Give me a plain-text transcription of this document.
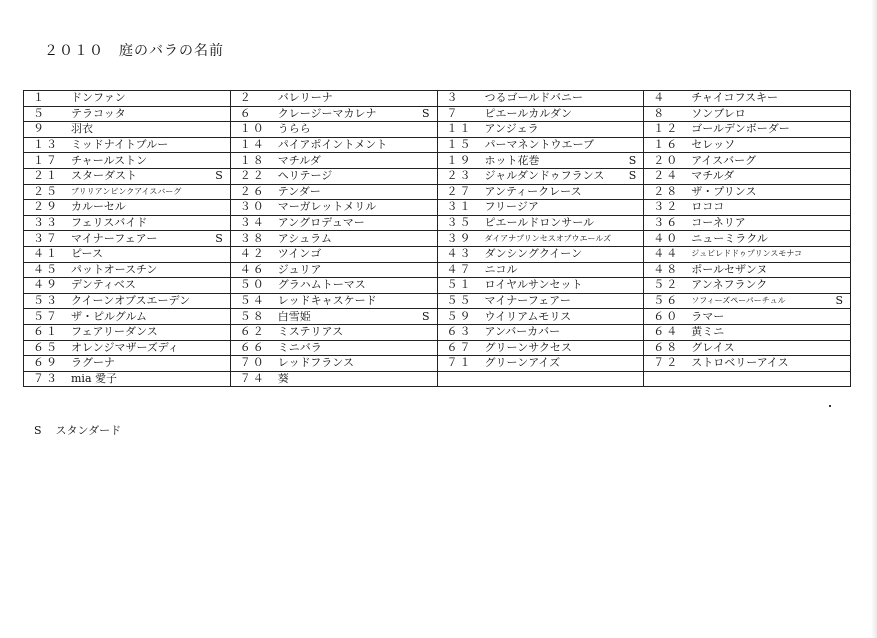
２０１０　庭のバラの名前
１ ドンファン	２ バレリーナ	３ つるゴールドバニー	４ チャイコフスキー

５ テラコッタ	６ クレージーマカレナ S	７ ピエールカルダン	８ ソンブレロ

９ 羽衣	１０ うらら	１１ アンジェラ	１２ ゴールデンボーダー

１３ ミッドナイトブルー	１４ パイアポイントメント	１５ パーマネントウエーブ	１６ セレッソ

１７ チャールストン	１８ マチルダ	１９ ホット花巻 S	２０ アイスバーグ

２１ スターダスト S	２２ ヘリテージ	２３ ジャルダンドゥフランス S	２４ マチルダ

２５ ブリリアンピンクアイスバーグ	２６ テンダー	２７ アンティークレース	２８ ザ・プリンス

２９ カルーセル	３０ マーガレットメリル	３１ フリージア	３２ ロココ

３３ フェリスバイド	３４ アングロデュマー	３５ ピエールドロンサール	３６ コーネリア

３７ マイナーフェアー S	３８ アシュラム	３９ ダイアナプリンセスオブウエールズ	４０ ニューミラクル

４１ ピース	４２ ツインゴ	４３ ダンシングクイーン	４４ ジュビレドドゥプリンスモナコ

４５ パットオースチン	４６ ジュリア	４７ ニコル	４８ ポールセザンヌ

４９ デンティベス	５０ グラハムトーマス	５１ ロイヤルサンセット	５２ アンネフランク

５３ クイーンオブスエーデン	５４ レッドキャスケード	５５ マイナーフェアー	５６ ソフィーズペーパーチュル S

５７ ザ・ピルグルム	５８ 白雪姫 S	５９ ウイリアムモリス	６０ ラマー

６１ フェアリーダンス	６２ ミステリアス	６３ アンバーカバー	６４ 黄ミニ

６５ オレンジマザーズディ	６６ ミニバラ	６７ グリーンサクセス	６８ グレイス

６９ ラグーナ	７０ レッドフランス	７１ グリーンアイズ	７２ ストロベリーアイス

７３ mia 愛子	７４ 葵		

S スタンダード
